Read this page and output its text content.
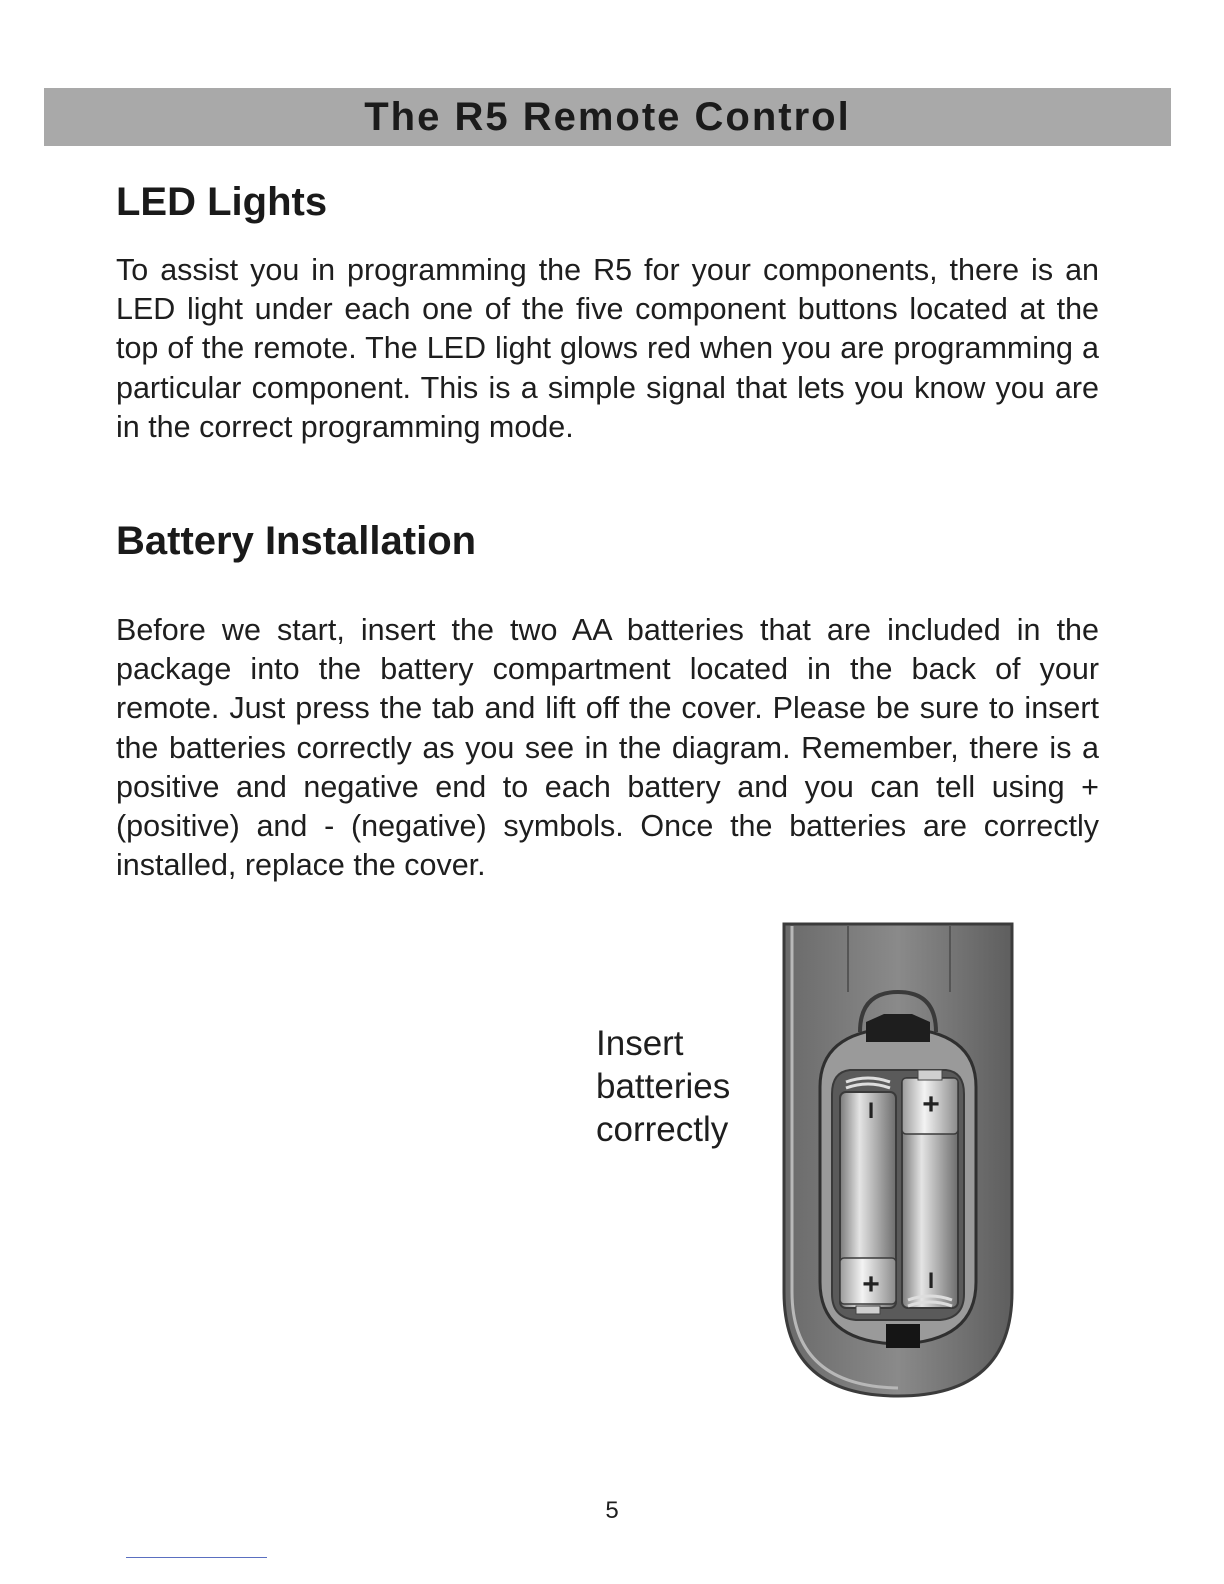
The R5 Remote Control
LED Lights

To assist you in programming the R5 for your components, there is an LED light under each one of the five component buttons located at the top of the remote. The LED light glows red when you are programming a particular component. This is a simple signal that lets you know you are in the correct programming mode.

Battery Installation

Before we start, insert the two AA batteries that are included in the package into the battery compartment located in the back of your remote. Just press the tab and lift off the cover. Please be sure to insert the batteries correctly as you see in the diagram. Remember, there is a positive and negative end to each battery and you can tell using + (positive) and - (negative) symbols. Once the batteries are correctly installed, replace the cover.

Insert
batteries
correctly	I
+
+
I
5
